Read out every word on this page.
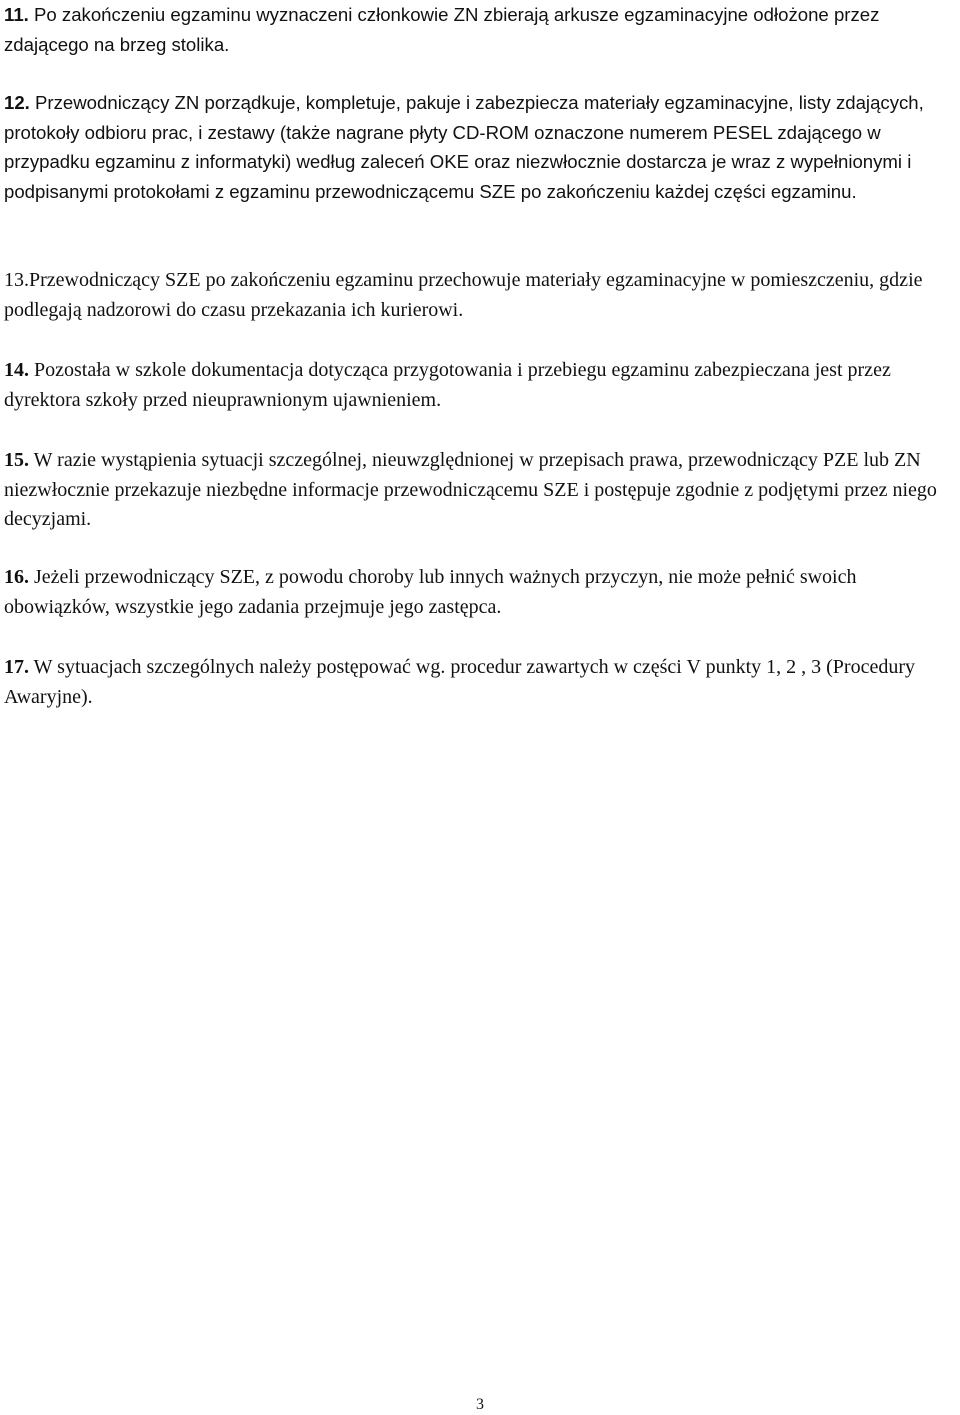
11. Po zakończeniu egzaminu wyznaczeni członkowie ZN zbierają arkusze egzaminacyjne odłożone przez zdającego na brzeg stolika.

12. Przewodniczący ZN porządkuje, kompletuje, pakuje i zabezpiecza materiały egzaminacyjne, listy zdających, protokoły odbioru prac, i zestawy (także nagrane płyty CD-ROM oznaczone numerem PESEL zdającego w przypadku egzaminu z informatyki) według zaleceń OKE oraz niezwłocznie dostarcza je wraz z wypełnionymi i podpisanymi protokołami z egzaminu przewodniczącemu SZE po zakończeniu każdej części egzaminu.

13.Przewodniczący SZE po zakończeniu egzaminu przechowuje materiały egzaminacyjne w pomieszczeniu, gdzie podlegają nadzorowi do czasu przekazania ich kurierowi.

14. Pozostała w szkole dokumentacja dotycząca przygotowania i przebiegu egzaminu zabezpieczana jest przez dyrektora szkoły przed nieuprawnionym ujawnieniem.

15. W razie wystąpienia sytuacji szczególnej, nieuwzględnionej w przepisach prawa, przewodniczący PZE lub ZN niezwłocznie przekazuje niezbędne informacje przewodniczącemu SZE i postępuje zgodnie z podjętymi przez niego decyzjami.

16. Jeżeli przewodniczący SZE, z powodu choroby lub innych ważnych przyczyn, nie może pełnić swoich obowiązków, wszystkie jego zadania przejmuje jego zastępca.

17. W sytuacjach szczególnych należy postępować wg. procedur zawartych w części V punkty 1, 2 , 3 (Procedury Awaryjne).

3
